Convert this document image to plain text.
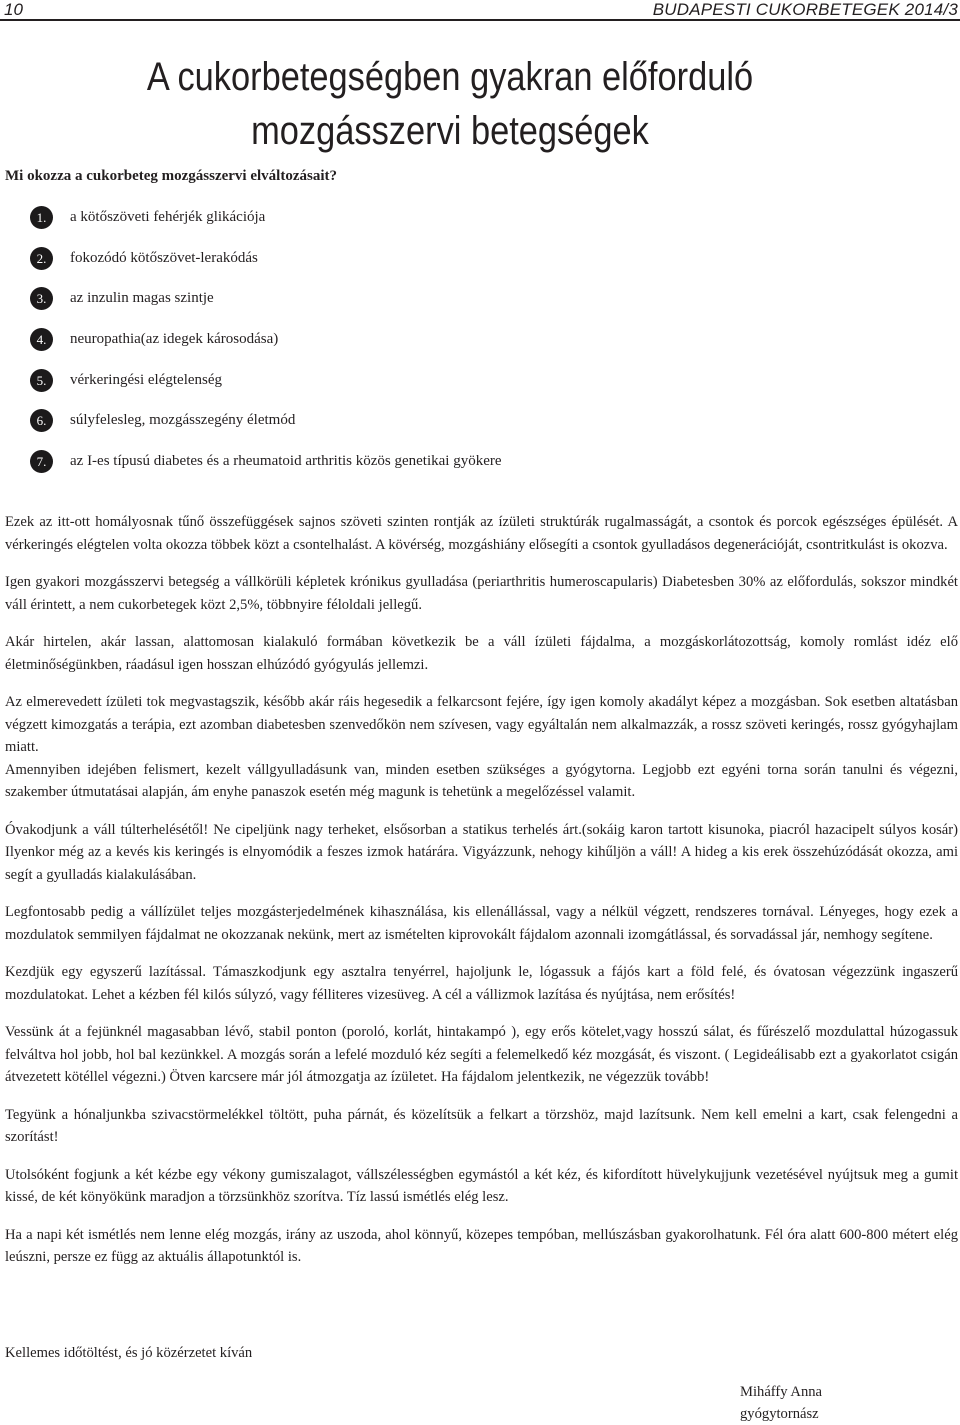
10	BUDAPESTI CUKORBETEGEK 2014/3
A cukorbetegségben gyakran előforduló
mozgásszervi betegségek
Mi okozza a cukorbeteg mozgásszervi elváltozásait?
1.	a kötőszöveti fehérjék glikációja
2.	fokozódó kötőszövet-lerakódás
3.	az inzulin magas szintje
4.	neuropathia(az idegek károsodása)
5.	vérkeringési elégtelenség
6.	súlyfelesleg, mozgásszegény életmód
7.	az I-es típusú diabetes és a rheumatoid arthritis közös genetikai gyökere

Ezek az itt-ott homályosnak tűnő összefüggések sajnos szöveti szinten rontják az ízületi struktúrák rugalmasságát, a csontok és porcok egészséges épülését. A vérkeringés elégtelen volta okozza többek közt a csontelhalást. A kövérség, mozgáshiány elősegíti a csontok gyulladásos degenerációját, csontritkulást is okozva.

Igen gyakori mozgásszervi betegség a vállkörüli képletek krónikus gyulladása (periarthritis humeroscapularis) Diabetesben 30% az előfordulás, sokszor mindkét váll érintett, a nem cukorbetegek közt 2,5%, többnyire féloldali jellegű.

Akár hirtelen, akár lassan, alattomosan kialakuló formában következik be a váll ízületi fájdalma, a mozgáskorlátozottság, komoly romlást idéz elő életminőségünkben, ráadásul igen hosszan elhúzódó gyógyulás jellemzi.

Az elmerevedett ízületi tok megvastagszik, később akár ráis hegesedik a felkarcsont fejére, így igen komoly akadályt képez a mozgásban. Sok esetben altatásban végzett kimozgatás a terápia, ezt azomban diabetesben szenvedőkön nem szívesen, vagy egyáltalán nem alkalmazzák, a rossz szöveti keringés, rossz gyógyhajlam miatt.

Amennyiben idejében felismert, kezelt vállgyulladásunk van, minden esetben szükséges a gyógytorna. Legjobb ezt egyéni torna során tanulni és végezni, szakember útmutatásai alapján, ám enyhe panaszok esetén még magunk is tehetünk a megelőzéssel valamit.

Óvakodjunk a váll túlterhelésétől! Ne cipeljünk nagy terheket, elsősorban a statikus terhelés árt.(sokáig karon tartott kisunoka, piacról hazacipelt súlyos kosár) Ilyenkor még az a kevés kis keringés is elnyomódik a feszes izmok határára. Vigyázzunk, nehogy kihűljön a váll! A hideg a kis erek összehúzódását okozza, ami segít a gyulladás kialakulásában.

Legfontosabb pedig a vállízület teljes mozgásterjedelmének kihasználása, kis ellenállással, vagy a nélkül végzett, rendszeres tornával. Lényeges, hogy ezek a mozdulatok semmilyen fájdalmat ne okozzanak nekünk, mert az ismételten kiprovokált fájdalom azonnali izomgátlással, és sorvadással jár, nemhogy segítene.

Kezdjük egy egyszerű lazítással. Támaszkodjunk egy asztalra tenyérrel, hajoljunk le, lógassuk a fájós kart a föld felé, és óvatosan végezzünk ingaszerű mozdulatokat. Lehet a kézben fél kilós súlyzó, vagy félliteres vizesüveg. A cél a vállizmok lazítása és nyújtása, nem erősítés!

Vessünk át a fejünknél magasabban lévő, stabil ponton (poroló, korlát, hintakampó ), egy erős kötelet,vagy hosszú sálat, és fűrészelő mozdulattal húzogassuk felváltva hol jobb, hol bal kezünkkel. A mozgás során a lefelé mozduló kéz segíti a felemelkedő kéz mozgását, és viszont. ( Legideálisabb ezt a gyakorlatot csigán átvezetett kötéllel végezni.) Ötven karcsere már jól átmozgatja az ízületet. Ha fájdalom jelentkezik, ne végezzük tovább!

Tegyünk a hónaljunkba szivacstörmelékkel töltött, puha párnát, és közelítsük a felkart a törzshöz, majd lazítsunk. Nem kell emelni a kart, csak felengedni a szorítást!

Utolsóként fogjunk a két kézbe egy vékony gumiszalagot, vállszélességben egymástól a két kéz, és kifordított hüvelykujjunk vezetésével nyújtsuk meg a gumit kissé, de két könyökünk maradjon a törzsünkhöz szorítva. Tíz lassú ismétlés elég lesz.

Ha a napi két ismétlés nem lenne elég mozgás, irány az uszoda, ahol könnyű, közepes tempóban, mellúszásban gyakorolhatunk. Fél óra alatt 600-800 métert elég leúszni, persze ez függ az aktuális állapotunktól is.

Kellemes időtöltést, és jó közérzetet kíván
Miháffy Anna
gyógytornász
